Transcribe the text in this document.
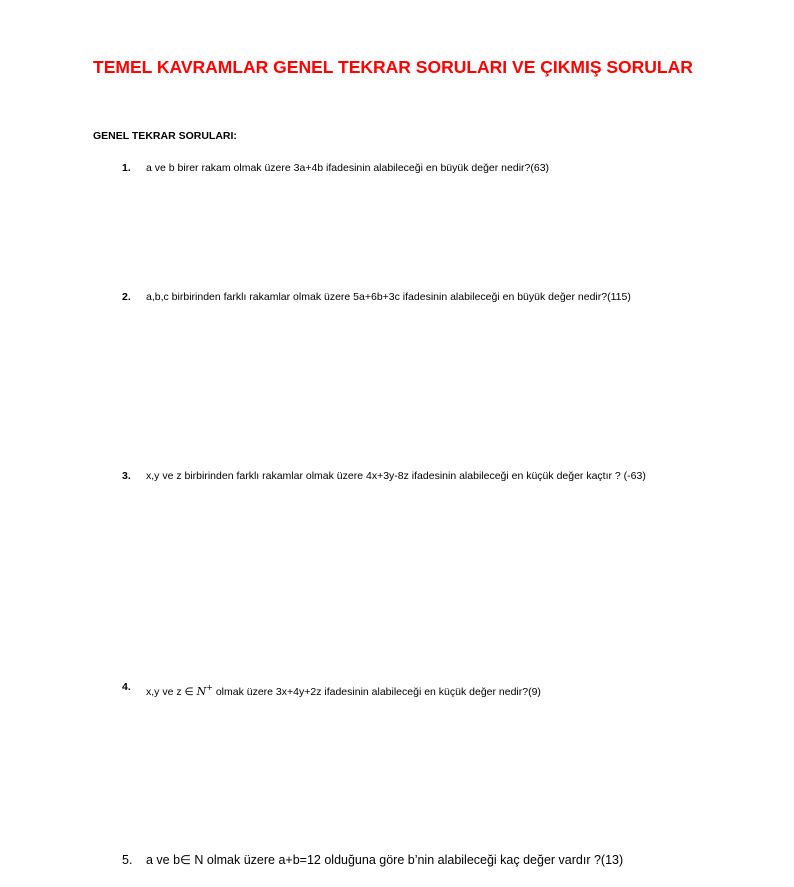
TEMEL KAVRAMLAR GENEL TEKRAR SORULARI VE ÇIKMIŞ SORULAR
GENEL TEKRAR SORULARI:
1. a ve b birer rakam olmak üzere 3a+4b ifadesinin alabileceği en büyük değer nedir?(63)
2. a,b,c birbirinden farklı rakamlar olmak üzere 5a+6b+3c ifadesinin alabileceği en büyük değer nedir?(115)
3. x,y ve z birbirinden farklı rakamlar olmak üzere 4x+3y-8z ifadesinin alabileceği en küçük değer kaçtır ? (-63)
4. x,y ve z ∈ N+ olmak üzere 3x+4y+2z ifadesinin alabileceği en küçük değer nedir?(9)
5. a ve b∈ N olmak üzere a+b=12 olduğuna göre b’nin alabileceği kaç değer vardır ?(13)
